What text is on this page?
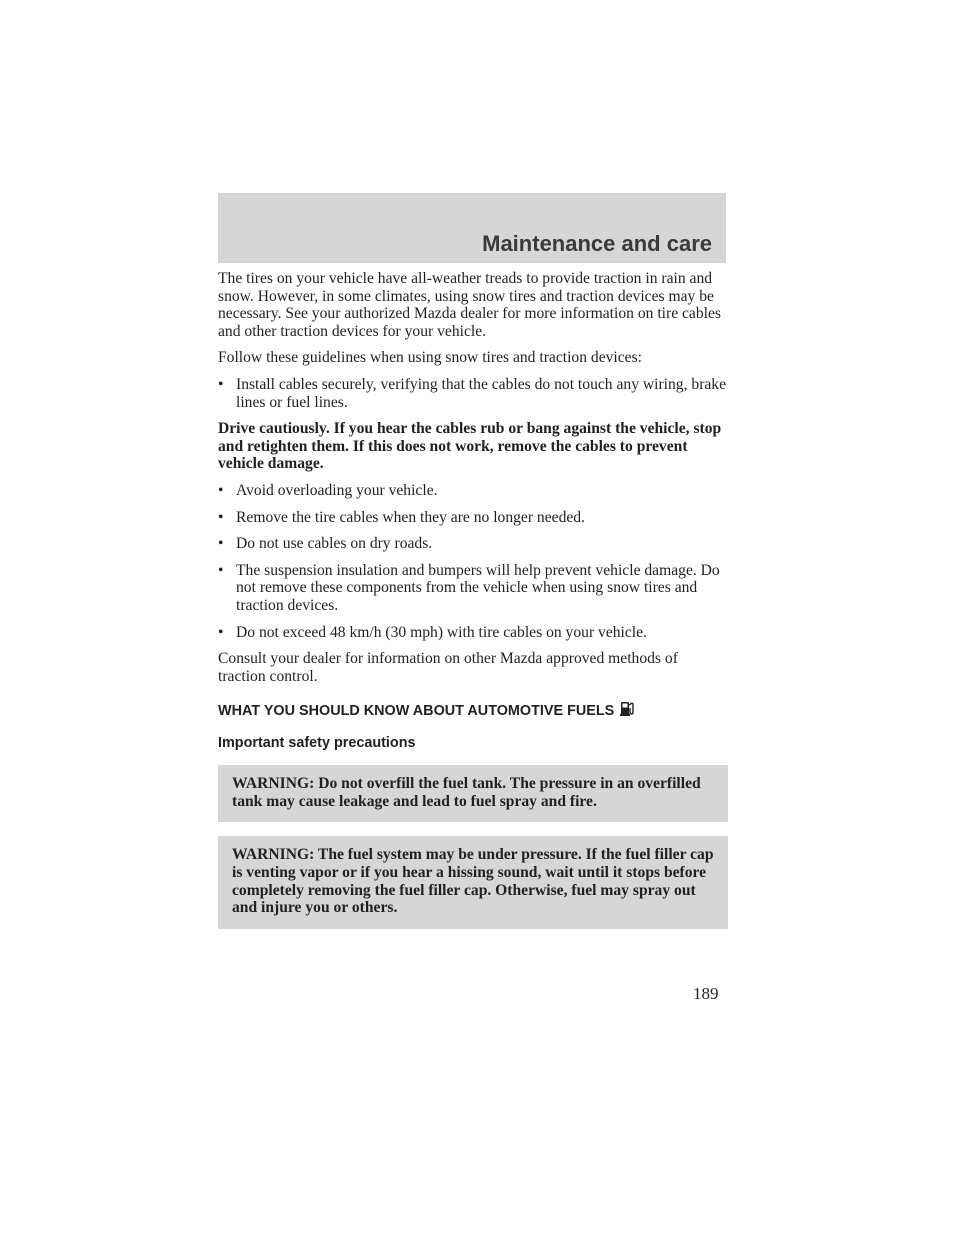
Maintenance and care

The tires on your vehicle have all-weather treads to provide traction in rain and snow. However, in some climates, using snow tires and traction devices may be necessary. See your authorized Mazda dealer for more information on tire cables and other traction devices for your vehicle.

Follow these guidelines when using snow tires and traction devices:

• Install cables securely, verifying that the cables do not touch any wiring, brake lines or fuel lines.

Drive cautiously. If you hear the cables rub or bang against the vehicle, stop and retighten them. If this does not work, remove the cables to prevent vehicle damage.

• Avoid overloading your vehicle.
• Remove the tire cables when they are no longer needed.
• Do not use cables on dry roads.
• The suspension insulation and bumpers will help prevent vehicle damage. Do not remove these components from the vehicle when using snow tires and traction devices.
• Do not exceed 48 km/h (30 mph) with tire cables on your vehicle.

Consult your dealer for information on other Mazda approved methods of traction control.

WHAT YOU SHOULD KNOW ABOUT AUTOMOTIVE FUELS
Important safety precautions
WARNING: Do not overfill the fuel tank. The pressure in an overfilled tank may cause leakage and lead to fuel spray and fire.
WARNING: The fuel system may be under pressure. If the fuel filler cap is venting vapor or if you hear a hissing sound, wait until it stops before completely removing the fuel filler cap. Otherwise, fuel may spray out and injure you or others.
189
